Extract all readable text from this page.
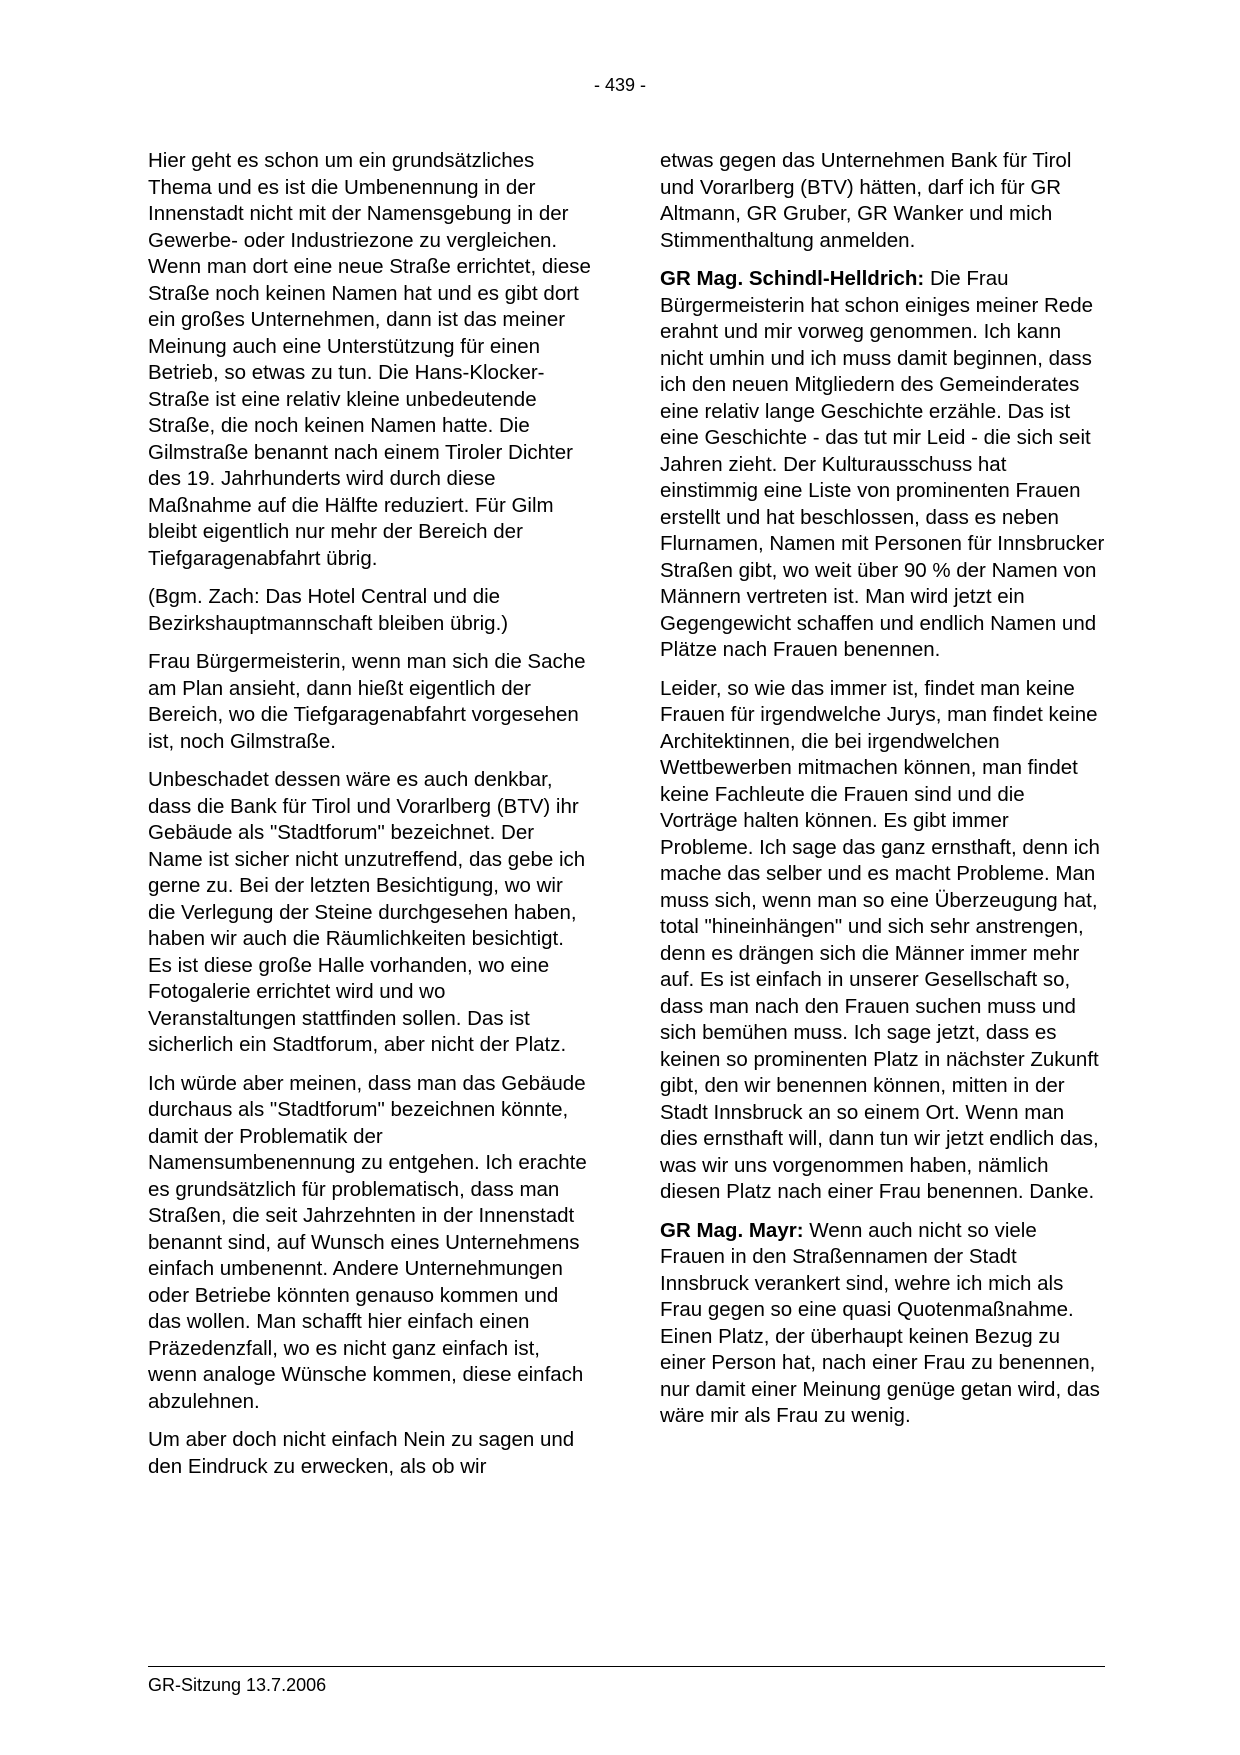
- 439 -

Hier geht es schon um ein grundsätzliches Thema und es ist die Umbenennung in der Innenstadt nicht mit der Namensgebung in der Gewerbe- oder Industriezone zu vergleichen. Wenn man dort eine neue Straße errichtet, diese Straße noch keinen Namen hat und es gibt dort ein großes Unternehmen, dann ist das meiner Meinung auch eine Unterstützung für einen Betrieb, so etwas zu tun. Die Hans-Klocker-Straße ist eine relativ kleine unbedeutende Straße, die noch keinen Namen hatte. Die Gilmstraße benannt nach einem Tiroler Dichter des 19. Jahrhunderts wird durch diese Maßnahme auf die Hälfte reduziert. Für Gilm bleibt eigentlich nur mehr der Bereich der Tiefgaragenabfahrt übrig.

(Bgm. Zach: Das Hotel Central und die Bezirkshauptmannschaft bleiben übrig.)

Frau Bürgermeisterin, wenn man sich die Sache am Plan ansieht, dann hießt eigentlich der Bereich, wo die Tiefgaragenabfahrt vorgesehen ist, noch Gilmstraße.

Unbeschadet dessen wäre es auch denkbar, dass die Bank für Tirol und Vorarlberg (BTV) ihr Gebäude als "Stadtforum" bezeichnet. Der Name ist sicher nicht unzutreffend, das gebe ich gerne zu. Bei der letzten Besichtigung, wo wir die Verlegung der Steine durchgesehen haben, haben wir auch die Räumlichkeiten besichtigt. Es ist diese große Halle vorhanden, wo eine Fotogalerie errichtet wird und wo Veranstaltungen stattfinden sollen. Das ist sicherlich ein Stadtforum, aber nicht der Platz.

Ich würde aber meinen, dass man das Gebäude durchaus als "Stadtforum" bezeichnen könnte, damit der Problematik der Namensumbenennung zu entgehen. Ich erachte es grundsätzlich für problematisch, dass man Straßen, die seit Jahrzehnten in der Innenstadt benannt sind, auf Wunsch eines Unternehmens einfach umbenennt. Andere Unternehmungen oder Betriebe könnten genauso kommen und das wollen. Man schafft hier einfach einen Präzedenzfall, wo es nicht ganz einfach ist, wenn analoge Wünsche kommen, diese einfach abzulehnen.

Um aber doch nicht einfach Nein zu sagen und den Eindruck zu erwecken, als ob wir

etwas gegen das Unternehmen Bank für Tirol und Vorarlberg (BTV) hätten, darf ich für GR Altmann, GR Gruber, GR Wanker und mich Stimmenthaltung anmelden.

GR Mag. Schindl-Helldrich: Die Frau Bürgermeisterin hat schon einiges meiner Rede erahnt und mir vorweg genommen. Ich kann nicht umhin und ich muss damit beginnen, dass ich den neuen Mitgliedern des Gemeinderates eine relativ lange Geschichte erzähle. Das ist eine Geschichte - das tut mir Leid - die sich seit Jahren zieht. Der Kulturausschuss hat einstimmig eine Liste von prominenten Frauen erstellt und hat beschlossen, dass es neben Flurnamen, Namen mit Personen für Innsbrucker Straßen gibt, wo weit über 90 % der Namen von Männern vertreten ist. Man wird jetzt ein Gegengewicht schaffen und endlich Namen und Plätze nach Frauen benennen.

Leider, so wie das immer ist, findet man keine Frauen für irgendwelche Jurys, man findet keine Architektinnen, die bei irgendwelchen Wettbewerben mitmachen können, man findet keine Fachleute die Frauen sind und die Vorträge halten können. Es gibt immer Probleme. Ich sage das ganz ernsthaft, denn ich mache das selber und es macht Probleme. Man muss sich, wenn man so eine Überzeugung hat, total "hineinhängen" und sich sehr anstrengen, denn es drängen sich die Männer immer mehr auf. Es ist einfach in unserer Gesellschaft so, dass man nach den Frauen suchen muss und sich bemühen muss. Ich sage jetzt, dass es keinen so prominenten Platz in nächster Zukunft gibt, den wir benennen können, mitten in der Stadt Innsbruck an so einem Ort. Wenn man dies ernsthaft will, dann tun wir jetzt endlich das, was wir uns vorgenommen haben, nämlich diesen Platz nach einer Frau benennen. Danke.

GR Mag. Mayr: Wenn auch nicht so viele Frauen in den Straßennamen der Stadt Innsbruck verankert sind, wehre ich mich als Frau gegen so eine quasi Quotenmaßnahme. Einen Platz, der überhaupt keinen Bezug zu einer Person hat, nach einer Frau zu benennen, nur damit einer Meinung genüge getan wird, das wäre mir als Frau zu wenig.

GR-Sitzung 13.7.2006
